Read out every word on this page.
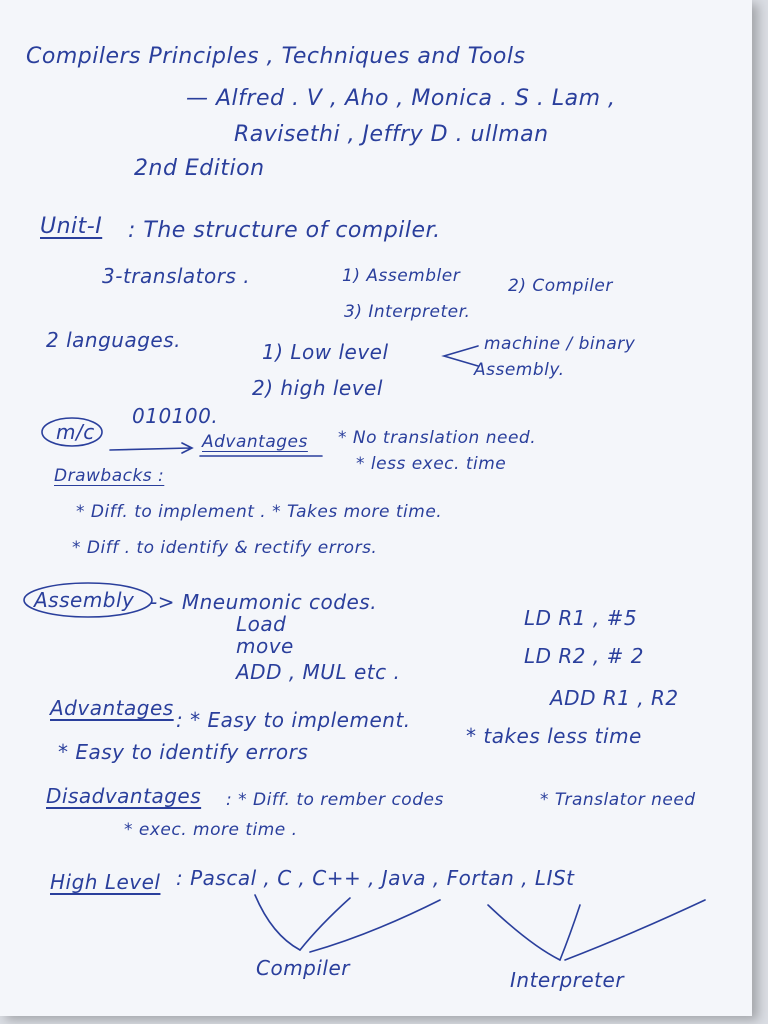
Compilers Principles , Techniques and Tools
— Alfred . V , Aho , Monica . S . Lam ,
Ravisethi , Jeffry D . ullman
2nd Edition
Unit-I : The structure of compiler.
3-translators .	1) Assembler	2) Compiler
3) Interpreter.
2 languages.	1) Low level	machine / binary
Assembly.
2) high level
m/c
010100.
Advantages * No translation need.
* less exec. time
Drawbacks :
* Diff. to implement . * Takes more time.
* Diff . to identify & rectify errors.
Assembly -> Mneumonic codes.
Load
move
ADD , MUL etc .
LD R1 , #5
LD R2 , # 2
ADD R1 , R2
Advantages : * Easy to implement.
* takes less time
* Easy to identify errors
Disadvantages : * Diff. to rember codes	* Translator need
* exec. more time .
High Level : Pascal , C , C++ , Java , Fortan , LISt
Compiler	Interpreter
